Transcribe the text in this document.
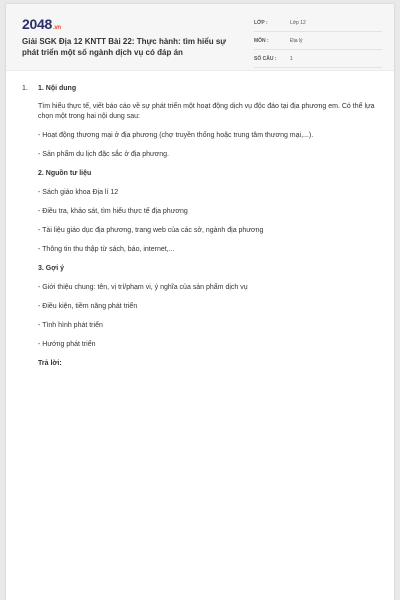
2048.vn
Giải SGK Địa 12 KNTT Bài 22: Thực hành: tìm hiểu sự phát triển một số ngành dịch vụ có đáp án
LỚP :	Lớp 12
MÔN :	Địa lý
SỐ CÂU :	1
1.	1. Nội dung
Tìm hiểu thực tế, viết báo cáo về sự phát triển một hoạt động dịch vụ độc đáo tại địa phương em. Có thể lựa chọn một trong hai nội dung sau:
- Hoạt động thương mại ở địa phương (chợ truyền thống hoặc trung tâm thương mại,...).
- Sản phẩm du lịch đặc sắc ở địa phương.
2. Nguồn tư liệu
- Sách giáo khoa Địa lí 12
- Điều tra, khảo sát, tìm hiểu thực tế địa phương
- Tài liệu giáo dục địa phương, trang web của các sở, ngành địa phương
- Thông tin thu thập từ sách, báo, internet,...
3. Gợi ý
- Giới thiệu chung: tên, vị trí/phạm vi, ý nghĩa của sản phẩm dịch vụ
- Điều kiện, tiềm năng phát triển
- Tình hình phát triển
- Hướng phát triển
Trả lời:
